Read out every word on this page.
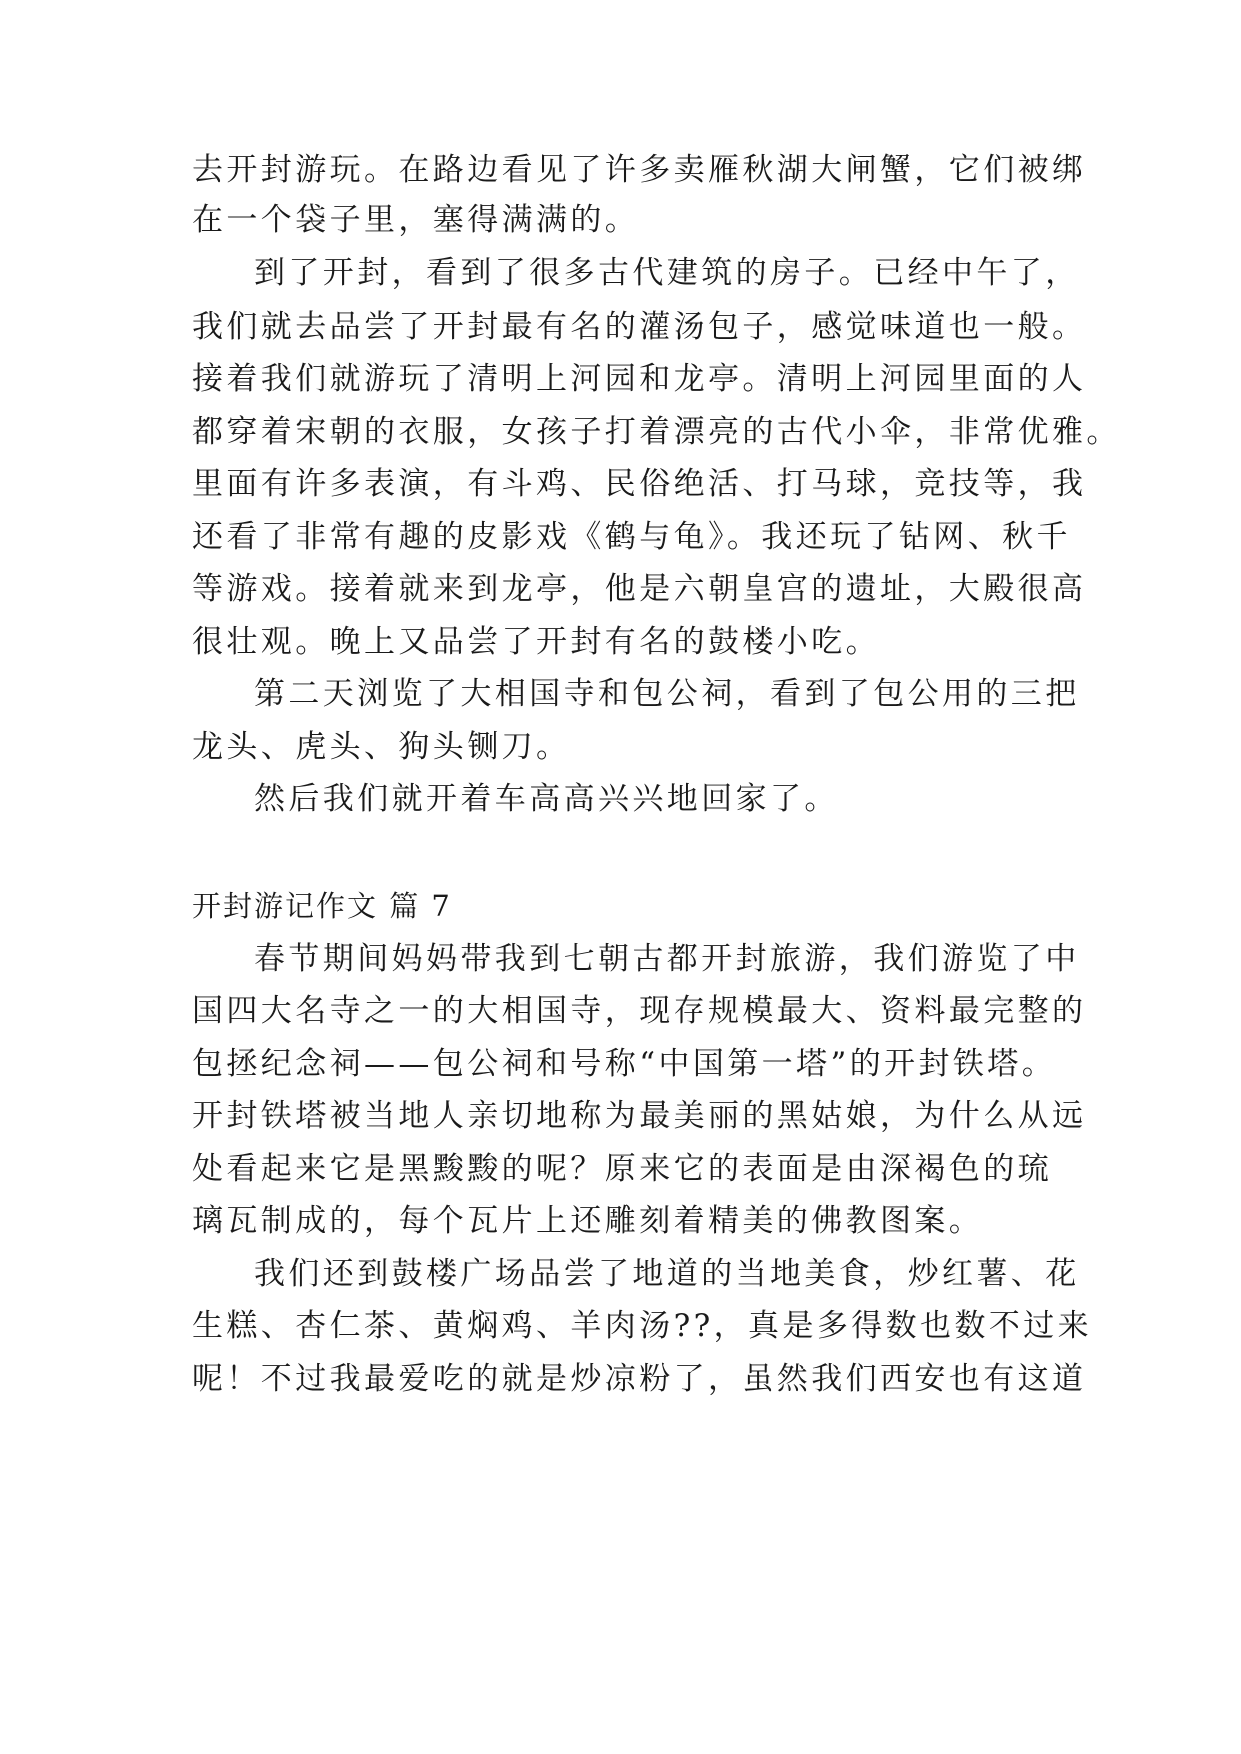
去开封游玩。在路边看见了许多卖雁秋湖大闸蟹，它们被绑
在一个袋子里，塞得满满的。
到了开封，看到了很多古代建筑的房子。已经中午了，
我们就去品尝了开封最有名的灌汤包子，感觉味道也一般。
接着我们就游玩了清明上河园和龙亭。清明上河园里面的人
都穿着宋朝的衣服，女孩子打着漂亮的古代小伞，非常优雅。
里面有许多表演，有斗鸡、民俗绝活、打马球，竞技等，我
还看了非常有趣的皮影戏《鹤与龟》。我还玩了钻网、秋千
等游戏。接着就来到龙亭，他是六朝皇宫的遗址，大殿很高
很壮观。晚上又品尝了开封有名的鼓楼小吃。
第二天浏览了大相国寺和包公祠，看到了包公用的三把
龙头、虎头、狗头铡刀。
然后我们就开着车高高兴兴地回家了。
开封游记作文 篇 7
春节期间妈妈带我到七朝古都开封旅游，我们游览了中
国四大名寺之一的大相国寺，现存规模最大、资料最完整的
包拯纪念祠——包公祠和号称“中国第一塔”的开封铁塔。
开封铁塔被当地人亲切地称为最美丽的黑姑娘，为什么从远
处看起来它是黑黢黢的呢？原来它的表面是由深褐色的琉
璃瓦制成的，每个瓦片上还雕刻着精美的佛教图案。
我们还到鼓楼广场品尝了地道的当地美食，炒红薯、花
生糕、杏仁茶、黄焖鸡、羊肉汤??，真是多得数也数不过来
呢！不过我最爱吃的就是炒凉粉了，虽然我们西安也有这道
